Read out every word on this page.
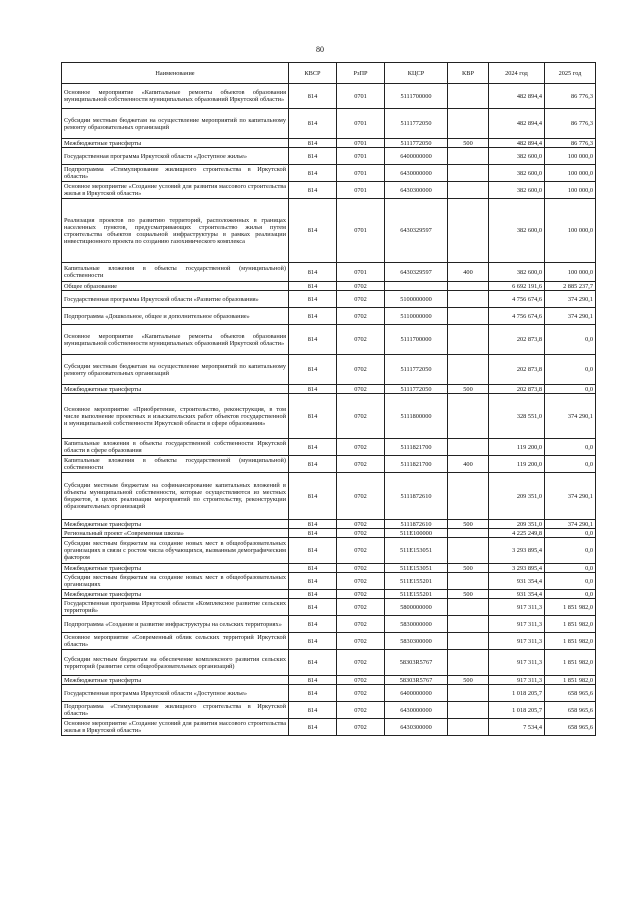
80
Наименование	КВСР	РзПР	КЦСР	КВР	2024 год	2025 год
Основное мероприятие «Капитальные ремонты объектов образования муниципальной собственности муниципальных образований Иркутской области»	814	0701	5111700000		482 894,4	86 776,3
Субсидии местным бюджетам на осуществление мероприятий по капитальному ремонту образовательных организаций	814	0701	5111772050		482 894,4	86 776,3
Межбюджетные трансферты	814	0701	5111772050	500	482 894,4	86 776,3
Государственная программа Иркутской области «Доступное жилье»	814	0701	6400000000		382 600,0	100 000,0
Подпрограмма «Стимулирование жилищного строительства в Иркутской области»	814	0701	6430000000		382 600,0	100 000,0
Основное мероприятие «Создание условий для развития массового строительства жилья в Иркутской области»	814	0701	6430300000		382 600,0	100 000,0
Реализация проектов по развитию территорий, расположенных в границах населенных пунктов, предусматривающих строительство жилья путем строительства объектов социальной инфраструктуры в рамках реализации инвестиционного проекта по созданию газохимического комплекса	814	0701	6430329597		382 600,0	100 000,0
Капитальные вложения в объекты государственной (муниципальной) собственности	814	0701	6430329597	400	382 600,0	100 000,0
Общее образование	814	0702			6 692 191,6	2 885 237,7
Государственная программа Иркутской области «Развитие образования»	814	0702	5100000000		4 756 674,6	374 290,1
Подпрограмма «Дошкольное, общее и дополнительное образование»	814	0702	5110000000		4 756 674,6	374 290,1
Основное мероприятие «Капитальные ремонты объектов образования муниципальной собственности муниципальных образований Иркутской области»	814	0702	5111700000		202 873,8	0,0
Субсидии местным бюджетам на осуществление мероприятий по капитальному ремонту образовательных организаций	814	0702	5111772050		202 873,8	0,0
Межбюджетные трансферты	814	0702	5111772050	500	202 873,8	0,0
Основное мероприятие «Приобретение, строительство, реконструкция, в том числе выполнение проектных и изыскательских работ объектов государственной и муниципальной собственности Иркутской области в сфере образования»	814	0702	5111800000		328 551,0	374 290,1
Капитальные вложения в объекты государственной собственности Иркутской области в сфере образования	814	0702	5111821700		119 200,0	0,0
Капитальные вложения в объекты государственной (муниципальной) собственности	814	0702	5111821700	400	119 200,0	0,0
Субсидии местным бюджетам на софинансирование капитальных вложений в объекты муниципальной собственности, которые осуществляются из местных бюджетов, в целях реализации мероприятий по строительству, реконструкции образовательных организаций	814	0702	5111872610		209 351,0	374 290,1
Межбюджетные трансферты	814	0702	5111872610	500	209 351,0	374 290,1
Региональный проект «Современная школа»	814	0702	511E100000		4 225 249,8	0,0
Субсидии местным бюджетам на создание новых мест в общеобразовательных организациях в связи с ростом числа обучающихся, вызванным демографическим фактором	814	0702	511E153051		3 293 895,4	0,0
Межбюджетные трансферты	814	0702	511E153051	500	3 293 895,4	0,0
Субсидии местным бюджетам на создание новых мест в общеобразовательных организациях	814	0702	511E155201		931 354,4	0,0
Межбюджетные трансферты	814	0702	511E155201	500	931 354,4	0,0
Государственная программа Иркутской области «Комплексное развитие сельских территорий»	814	0702	5800000000		917 311,3	1 851 982,0
Подпрограмма «Создание и развитие инфраструктуры на сельских территориях»	814	0702	5830000000		917 311,3	1 851 982,0
Основное мероприятие «Современный облик сельских территорий Иркутской области»	814	0702	5830300000		917 311,3	1 851 982,0
Субсидии местным бюджетам на обеспечение комплексного развития сельских территорий (развитие сети общеобразовательных организаций)	814	0702	58303R5767		917 311,3	1 851 982,0
Межбюджетные трансферты	814	0702	58303R5767	500	917 311,3	1 851 982,0
Государственная программа Иркутской области «Доступное жилье»	814	0702	6400000000		1 018 205,7	658 965,6
Подпрограмма «Стимулирование жилищного строительства в Иркутской области»	814	0702	6430000000		1 018 205,7	658 965,6
Основное мероприятие «Создание условий для развития массового строительства жилья в Иркутской области»	814	0702	6430300000		7 534,4	658 965,6
